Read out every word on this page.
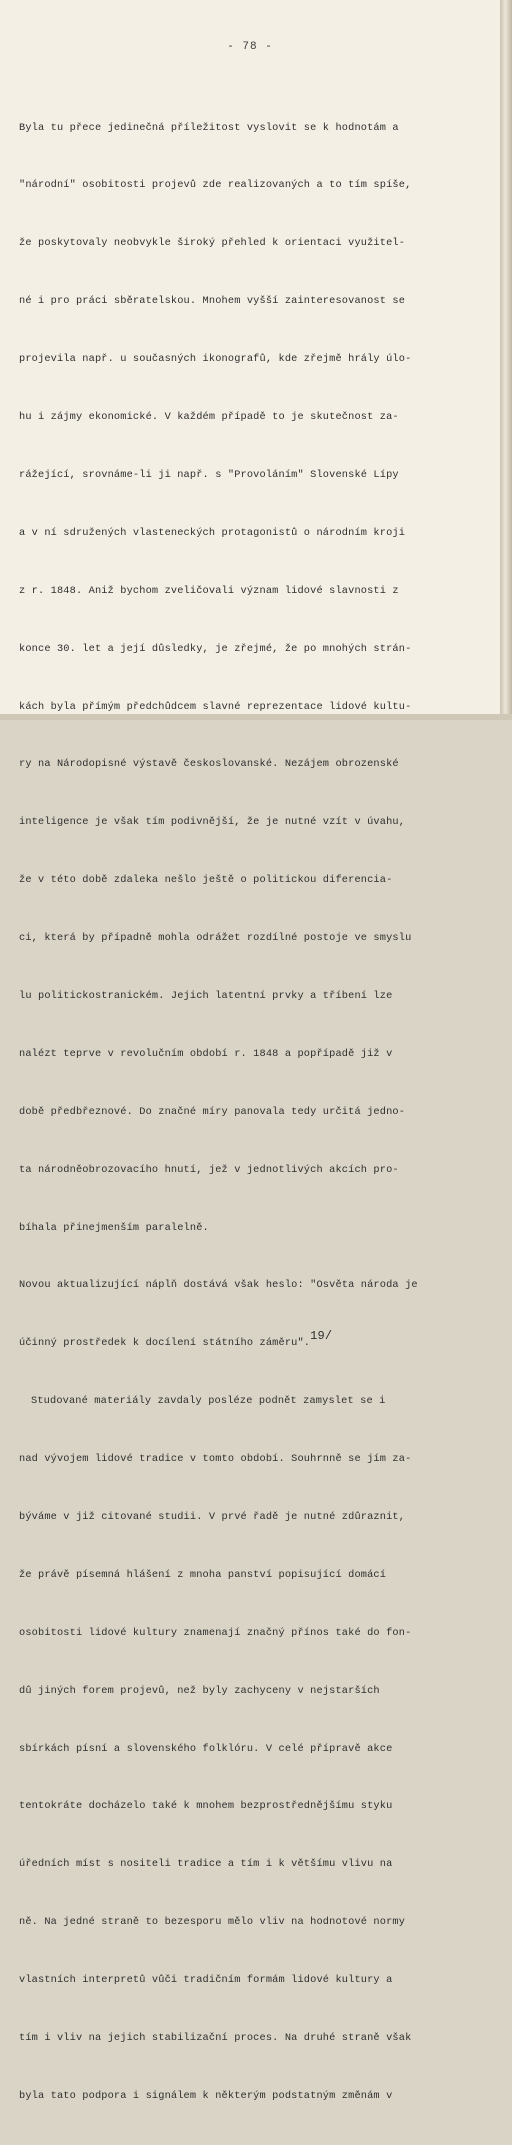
- 78 -

Byla tu přece jedinečná příležitost vyslovit se k hodnotám a

"národní" osobitosti projevů zde realizovaných a to tím spíše,

že poskytovaly neobvykle široký přehled k orientaci využitel-

né i pro práci sběratelskou. Mnohem vyšší zainteresovanost se

projevila např. u současných ikonografů, kde zřejmě hrály úlo-

hu i zájmy ekonomické. V každém případě to je skutečnost za-

rážející, srovnáme-li ji např. s "Provoláním" Slovenské Lípy

a v ní sdružených vlasteneckých protagonistů o národním kroji

z r. 1848. Aniž bychom zveličovali význam lidové slavnosti z

konce 30. let a její důsledky, je zřejmé, že po mnohých strán-

kách byla přímým předchůdcem slavné reprezentace lidové kultu-

ry na Národopisné výstavě českoslovanské. Nezájem obrozenské

inteligence je však tím podivnější, že je nutné vzít v úvahu,

že v této době zdaleka nešlo ještě o politickou diferencia-

ci, která by případně mohla odrážet rozdílné postoje ve smyslu

lu politickostranickém. Jejich latentní prvky a tříbení lze

nalézt teprve v revolučním období r. 1848 a popřípadě již v

době předbřeznové. Do značné míry panovala tedy určitá jedno-

ta národněobrozovacího hnutí, jež v jednotlivých akcích pro-

bíhala přinejmenším paralelně.

Novou aktualizující náplň dostává však heslo: "Osvěta národa je

účinný prostředek k docílení státního záměru".$^{19/}$

Studované materiály zavdaly posléze podnět zamyslet se i

nad vývojem lidové tradice v tomto období. Souhrnně se jím za-

býváme v již citované studii. V prvé řadě je nutné zdůraznit,

že právě písemná hlášení z mnoha panství popisující domácí

osobitosti lidové kultury znamenají značný přínos také do fon-

dů jiných forem projevů, než byly zachyceny v nejstarších

sbírkách písní a slovenského folklóru. V celé přípravě akce

tentokráte docházelo také k mnohem bezprostřednějšímu styku

úředních míst s nositeli tradice a tím i k většímu vlivu na

ně. Na jedné straně to bezesporu mělo vliv na hodnotové normy

vlastních interpretů vůči tradičním formám lidové kultury a

tím i vliv na jejich stabilizační proces. Na druhé straně však

byla tato podpora i signálem k některým podstatným změnám v
